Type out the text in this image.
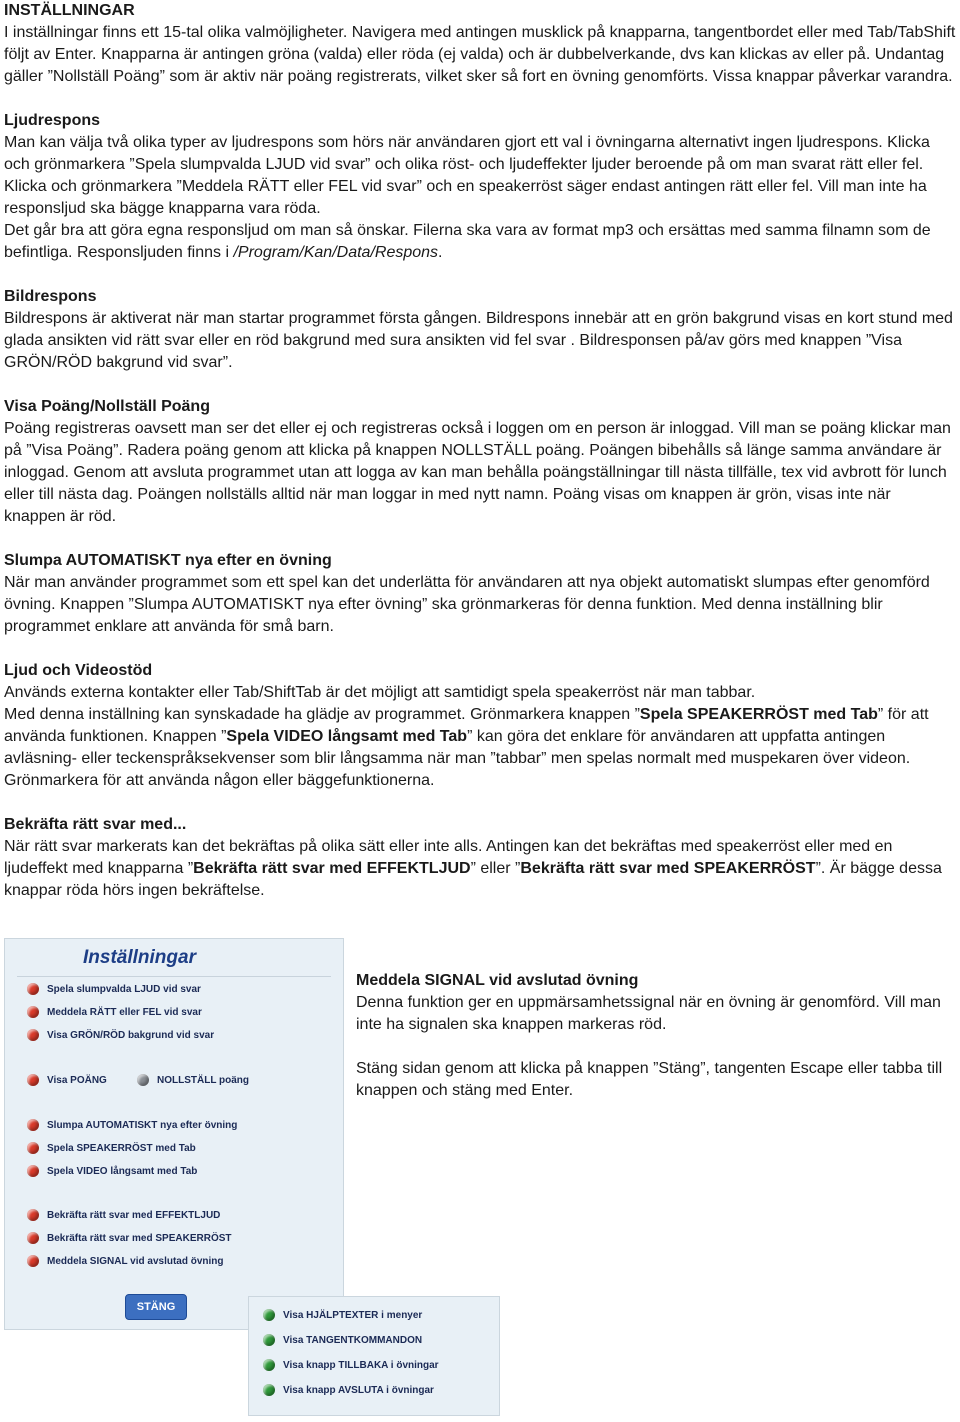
INSTÄLLNINGAR

I inställningar finns ett 15-tal olika valmöjligheter. Navigera med antingen musklick på knapparna, tangentbordet eller med Tab/TabShift följt av Enter. Knapparna är antingen gröna (valda) eller röda (ej valda) och är dubbelverkande, dvs kan klickas av eller på. Undantag gäller ”Nollställ Poäng” som är aktiv när poäng registrerats, vilket sker så fort en övning genomförts. Vissa knappar påverkar varandra.

Ljudrespons

Man kan välja två olika typer av ljudrespons som hörs när användaren gjort ett val i övningarna alternativt ingen ljudrespons. Klicka och grönmarkera ”Spela slumpvalda LJUD vid svar” och olika röst- och ljudeffekter ljuder beroende på om man svarat rätt eller fel. Klicka och grönmarkera ”Meddela RÄTT eller FEL vid svar” och en speakerröst säger endast antingen rätt eller fel. Vill man inte ha responsljud ska bägge knapparna vara röda.

Det går bra att göra egna responsljud om man så önskar. Filerna ska vara av format mp3 och ersättas med samma filnamn som de befintliga. Responsljuden finns i /Program/Kan/Data/Respons.

Bildrespons

Bildrespons är aktiverat när man startar programmet första gången. Bildrespons innebär att en grön bakgrund visas en kort stund med glada ansikten vid rätt svar eller en röd bakgrund med sura ansikten vid fel svar . Bildresponsen på/av görs med knappen ”Visa GRÖN/RÖD bakgrund vid svar”.

Visa Poäng/Nollställ Poäng

Poäng registreras oavsett man ser det eller ej och registreras också i loggen om en person är inloggad. Vill man se poäng klickar man på ”Visa Poäng”. Radera poäng genom att klicka på knappen NOLLSTÄLL poäng. Poängen bibehålls så länge samma användare är inloggad. Genom att avsluta programmet utan att logga av kan man behålla poängställningar till nästa tillfälle, tex vid avbrott för lunch eller till nästa dag. Poängen nollställs alltid när man loggar in med nytt namn. Poäng visas om knappen är grön, visas inte när knappen är röd.

Slumpa AUTOMATISKT nya efter en övning

När man använder programmet som ett spel kan det underlätta för användaren att nya objekt automatiskt slumpas efter genomförd övning. Knappen ”Slumpa AUTOMATISKT nya efter övning” ska grönmarkeras för denna funktion. Med denna inställning blir programmet enklare att använda för små barn.

Ljud och Videostöd

Används externa kontakter eller Tab/ShiftTab är det möjligt att samtidigt spela speakerröst när man tabbar.

Med denna inställning kan synskadade ha glädje av programmet. Grönmarkera knappen ”Spela SPEAKERRÖST med Tab” för att använda funktionen. Knappen ”Spela VIDEO långsamt med Tab” kan göra det enklare för användaren att uppfatta antingen avläsning- eller teckenspråksekvenser som blir långsamma när man ”tabbar” men spelas normalt med muspekaren över videon. Grönmarkera för att använda någon eller bäggefunktionerna.

Bekräfta rätt svar med...

När rätt svar markerats kan det bekräftas på olika sätt eller inte alls. Antingen kan det bekräftas med speakerröst eller med en ljudeffekt med knapparna ”Bekräfta rätt svar med EFFEKTLJUD” eller ”Bekräfta rätt svar med SPEAKERRÖST”. Är bägge dessa knappar röda hörs ingen bekräftelse.

Inställningar
Spela slumpvalda LJUD vid svar
Meddela RÄTT eller FEL vid svar
Visa GRÖN/RÖD bakgrund vid svar
Visa POÄNG	NOLLSTÄLL poäng
Slumpa AUTOMATISKT nya efter övning
Spela SPEAKERRÖST med Tab
Spela VIDEO långsamt med Tab
Bekräfta rätt svar med EFFEKTLJUD
Bekräfta rätt svar med SPEAKERRÖST
Meddela SIGNAL vid avslutad övning
STÄNG
Visa HJÄLPTEXTER i menyer
Visa TANGENTKOMMANDON
Visa knapp TILLBAKA i övningar
Visa knapp AVSLUTA i övningar

Meddela SIGNAL vid avslutad övning

Denna funktion ger en uppmärsamhetssignal när en övning är genomförd. Vill man inte ha signalen ska knappen markeras röd.

Stäng sidan genom att klicka på knappen ”Stäng”, tangenten Escape eller tabba till knappen och stäng med Enter.
